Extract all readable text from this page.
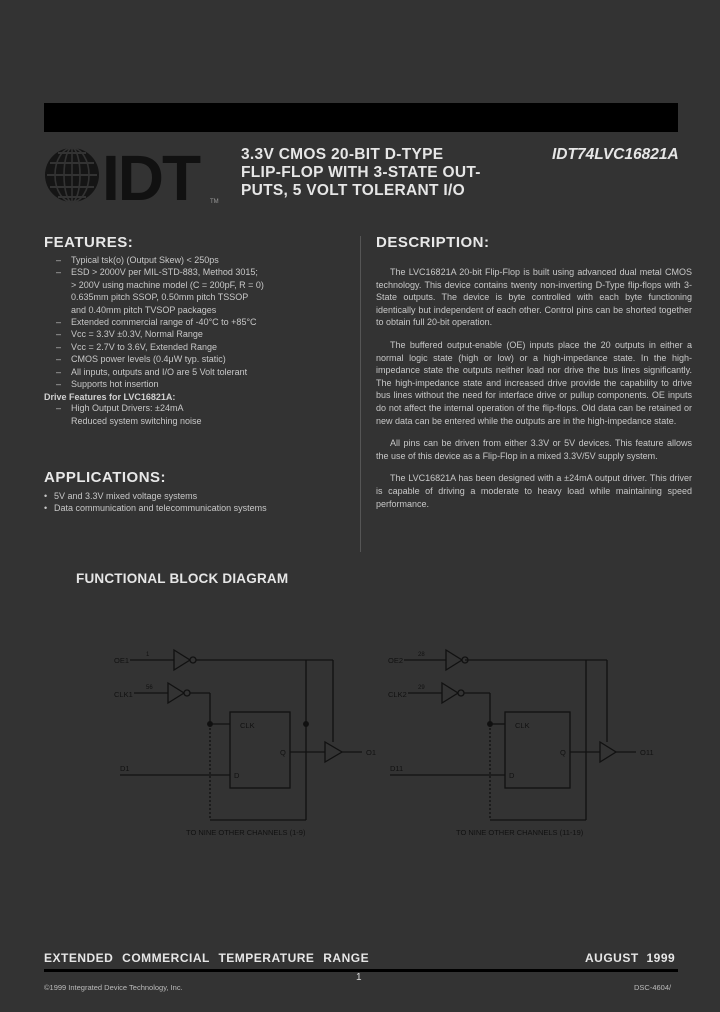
IDT	TM
3.3V CMOS 20-BIT D-TYPE
FLIP-FLOP WITH 3-STATE OUT-
PUTS, 5 VOLT TOLERANT I/O
IDT74LVC16821A
FEATURES:
– Typical tsk(o) (Output Skew) < 250ps
– ESD > 2000V per MIL-STD-883, Method 3015;
> 200V using machine model (C = 200pF, R = 0)
0.635mm pitch SSOP, 0.50mm pitch TSSOP
and 0.40mm pitch TVSOP packages
– Extended commercial range of -40°C to +85°C
– Vcc = 3.3V ±0.3V, Normal Range
– Vcc = 2.7V to 3.6V, Extended Range
– CMOS power levels (0.4μW typ. static)
– All inputs, outputs and I/O are 5 Volt tolerant
– Supports hot insertion
Drive Features for LVC16821A:
– High Output Drivers: ±24mA
Reduced system switching noise
APPLICATIONS:
• 5V and 3.3V mixed voltage systems
• Data communication and telecommunication systems
DESCRIPTION:

The LVC16821A 20-bit Flip-Flop is built using advanced dual metal CMOS technology. This device contains twenty non-inverting D-Type flip-flops with 3-State outputs. The device is byte controlled with each byte functioning identically but independent of each other. Control pins can be shorted together to obtain full 20-bit operation.

The buffered output-enable (OE) inputs place the 20 outputs in either a normal logic state (high or low) or a high-impedance state. In the high-impedance state the outputs neither load nor drive the bus lines significantly. The high-impedance state and increased drive provide the capability to drive bus lines without the need for interface drive or pullup components. OE inputs do not affect the internal operation of the flip-flops. Old data can be retained or new data can be entered while the outputs are in the high-impedance state.

All pins can be driven from either 3.3V or 5V devices. This feature allows the use of this device as a Flip-Flop in a mixed 3.3V/5V supply system.

The LVC16821A has been designed with a ±24mA output driver. This driver is capable of driving a moderate to heavy load while maintaining speed performance.

FUNCTIONAL BLOCK DIAGRAM
OE1
1
CLK1
56
CLK
Q
D
D1
O1
TO NINE OTHER CHANNELS (1-9)
OE2
28
CLK2
29
CLK
Q
D
D11
O11
TO NINE OTHER CHANNELS (11-19)
EXTENDED COMMERCIAL TEMPERATURE RANGE	AUGUST 1999
1
©1999 Integrated Device Technology, Inc.	DSC-4604/
